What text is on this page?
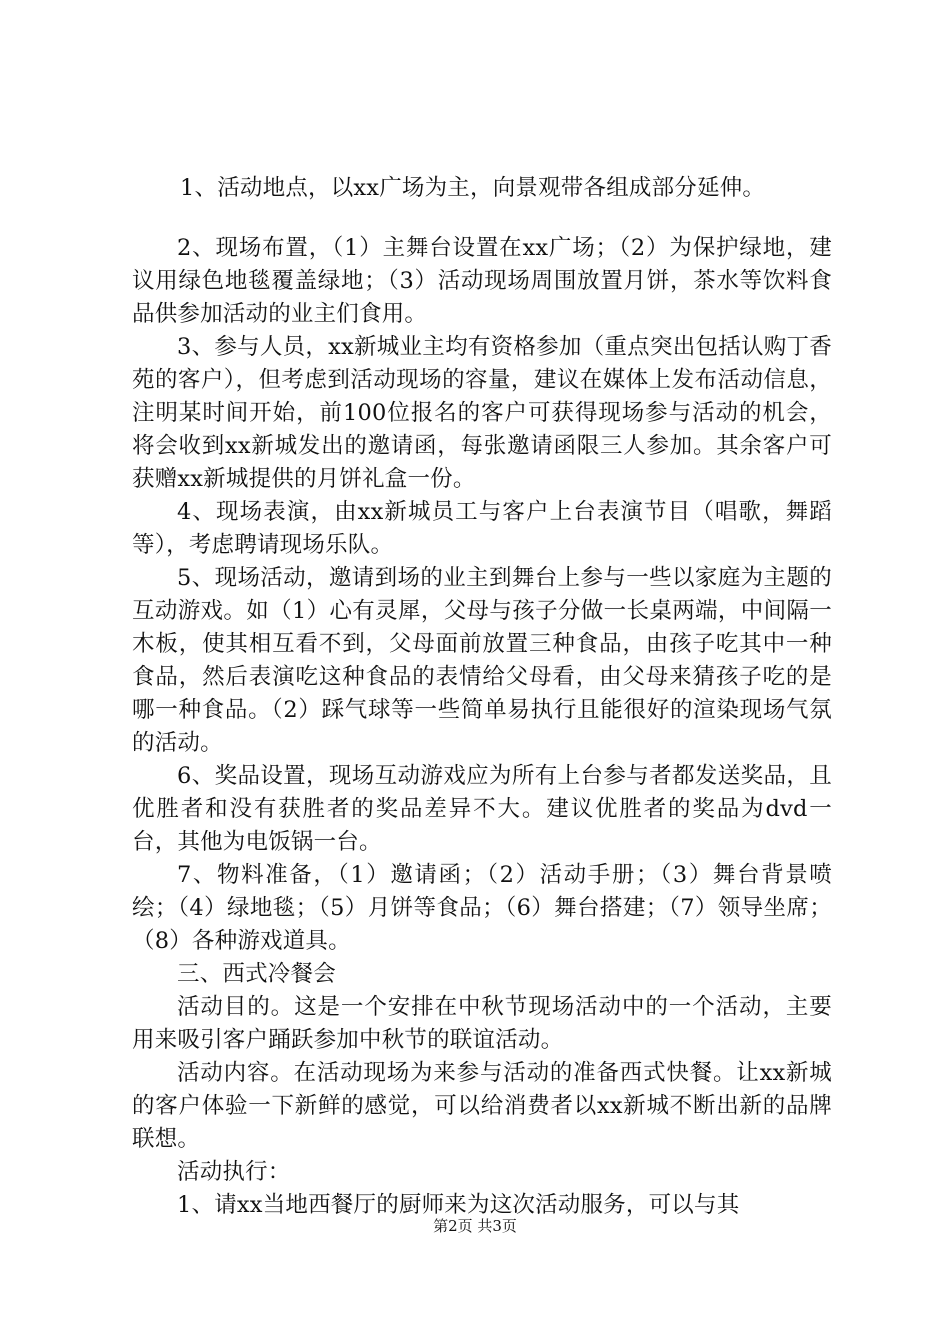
1、活动地点，以xx广场为主，向景观带各组成部分延伸。

2、现场布置，（1）主舞台设置在xx广场；（2）为保护绿地，建议用绿色地毯覆盖绿地；（3）活动现场周围放置月饼，茶水等饮料食品供参加活动的业主们食用。

3、参与人员，xx新城业主均有资格参加（重点突出包括认购丁香苑的客户），但考虑到活动现场的容量，建议在媒体上发布活动信息，注明某时间开始，前100位报名的客户可获得现场参与活动的机会，将会收到xx新城发出的邀请函，每张邀请函限三人参加。其余客户可获赠xx新城提供的月饼礼盒一份。

4、现场表演，由xx新城员工与客户上台表演节目（唱歌，舞蹈等），考虑聘请现场乐队。

5、现场活动，邀请到场的业主到舞台上参与一些以家庭为主题的互动游戏。如（1）心有灵犀，父母与孩子分做一长桌两端，中间隔一木板，使其相互看不到，父母面前放置三种食品，由孩子吃其中一种食品，然后表演吃这种食品的表情给父母看，由父母来猜孩子吃的是哪一种食品。（2）踩气球等一些简单易执行且能很好的渲染现场气氛的活动。

6、奖品设置，现场互动游戏应为所有上台参与者都发送奖品，且优胜者和没有获胜者的奖品差异不大。建议优胜者的奖品为dvd一台，其他为电饭锅一台。

7、物料准备，（1）邀请函；（2）活动手册；（3）舞台背景喷绘；（4）绿地毯；（5）月饼等食品；（6）舞台搭建；（7）领导坐席；（8）各种游戏道具。

三、西式冷餐会

活动目的。这是一个安排在中秋节现场活动中的一个活动，主要用来吸引客户踊跃参加中秋节的联谊活动。

活动内容。在活动现场为来参与活动的准备西式快餐。让xx新城的客户体验一下新鲜的感觉，可以给消费者以xx新城不断出新的品牌联想。

活动执行：

1、请xx当地西餐厅的厨师来为这次活动服务，可以与其

第2页 共3页
